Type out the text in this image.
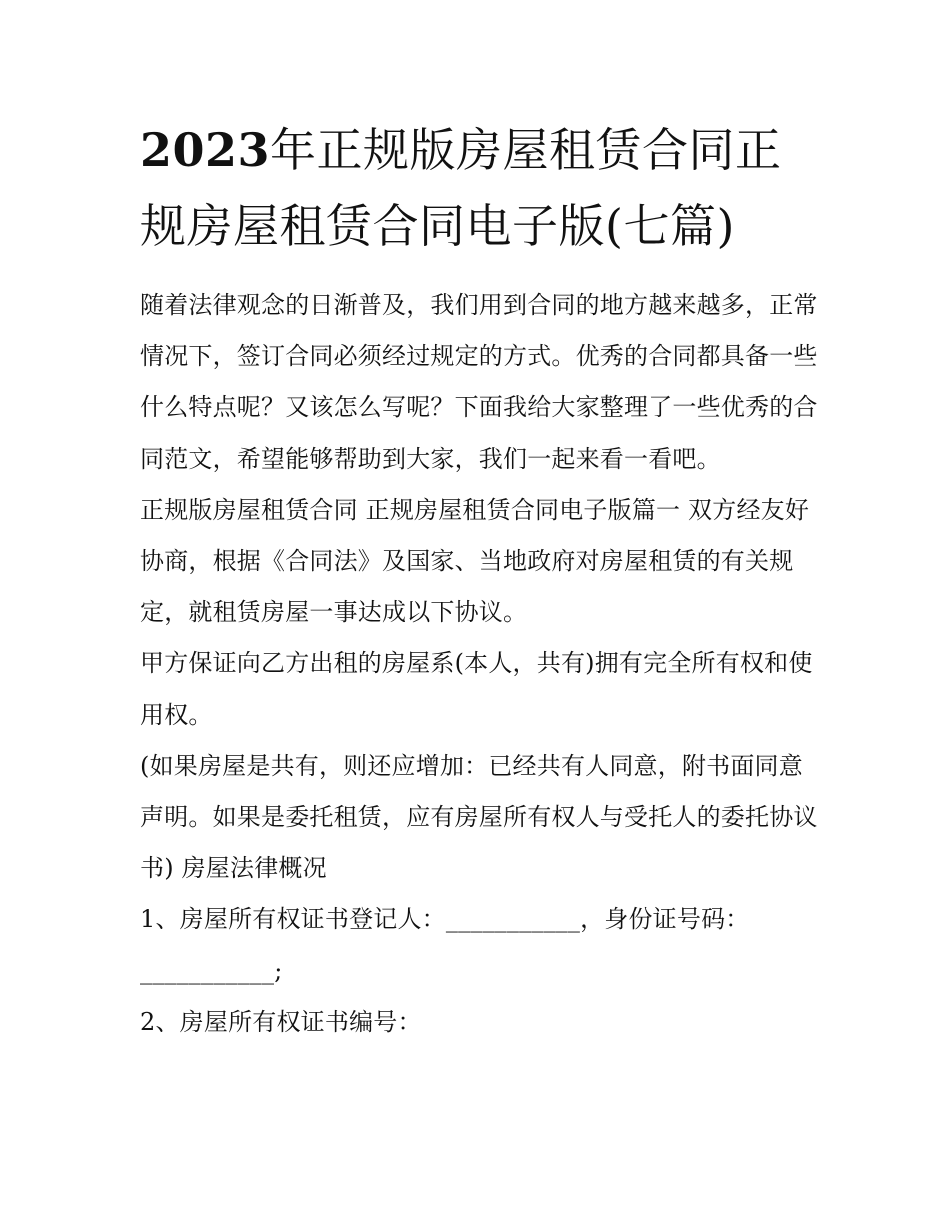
2023年正规版房屋租赁合同正规房屋租赁合同电子版(七篇)

随着法律观念的日渐普及，我们用到合同的地方越来越多，正常情况下，签订合同必须经过规定的方式。优秀的合同都具备一些什么特点呢？又该怎么写呢？下面我给大家整理了一些优秀的合同范文，希望能够帮助到大家，我们一起来看一看吧。

正规版房屋租赁合同 正规房屋租赁合同电子版篇一 双方经友好协商，根据《合同法》及国家、当地政府对房屋租赁的有关规定，就租赁房屋一事达成以下协议。

甲方保证向乙方出租的房屋系(本人，共有)拥有完全所有权和使用权。

(如果房屋是共有，则还应增加：已经共有人同意，附书面同意声明。如果是委托租赁，应有房屋所有权人与受托人的委托协议书) 房屋法律概况

1、房屋所有权证书登记人：___________，身份证号码：___________;

2、房屋所有权证书编号：
